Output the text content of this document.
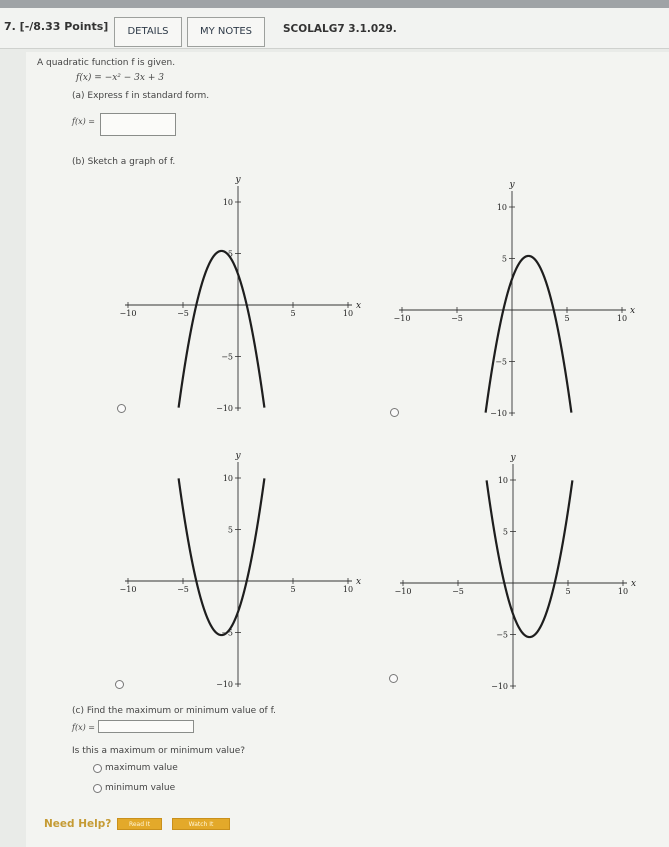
7. [-/8.33 Points]	DETAILS	MY NOTES	SCOLALG7 3.1.029.
A quadratic function f is given.
f(x) = −x² − 3x + 3
(a) Express f in standard form.
f(x) =
(b) Sketch a graph of f.
x
y
−10	−5	5	10
10
5
−5
−10
x
y
−10	−5	5	10
10
5
−5
−10
x
y
−10	−5	5	10
10
5
−5
−10
x
y
−10	−5	5	10
10
5
−5
−10
(c) Find the maximum or minimum value of f.
f(x) =
Is this a maximum or minimum value?
maximum value
minimum value
Need Help?	Read It	Watch It
